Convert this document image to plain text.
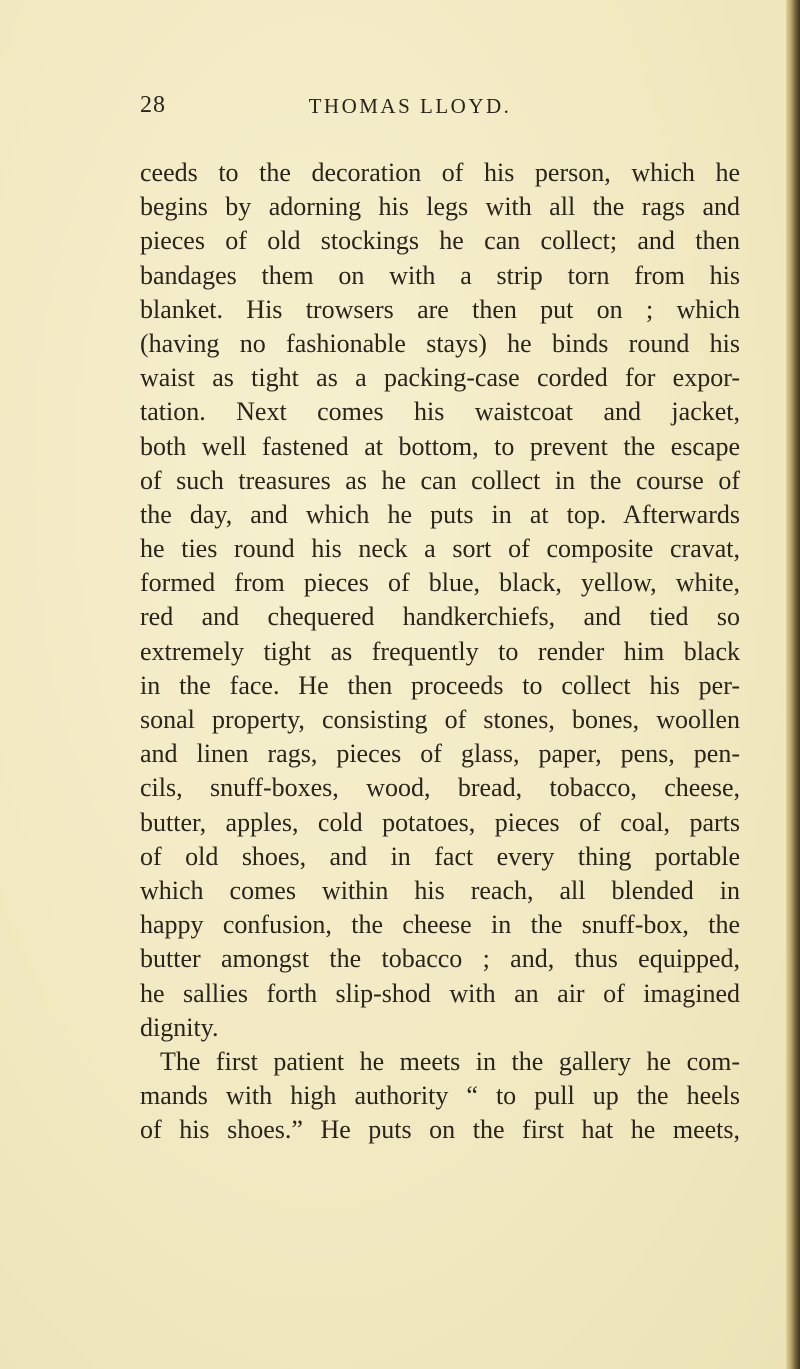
28	THOMAS LLOYD.
ceeds to the decoration of his person, which he
begins by adorning his legs with all the rags and
pieces of old stockings he can collect; and then
bandages them on with a strip torn from his
blanket. His trowsers are then put on ; which
(having no fashionable stays) he binds round his
waist as tight as a packing-case corded for expor-
tation. Next comes his waistcoat and jacket,
both well fastened at bottom, to prevent the escape
of such treasures as he can collect in the course of
the day, and which he puts in at top. Afterwards
he ties round his neck a sort of composite cravat,
formed from pieces of blue, black, yellow, white,
red and chequered handkerchiefs, and tied so
extremely tight as frequently to render him black
in the face. He then proceeds to collect his per-
sonal property, consisting of stones, bones, woollen
and linen rags, pieces of glass, paper, pens, pen-
cils, snuff-boxes, wood, bread, tobacco, cheese,
butter, apples, cold potatoes, pieces of coal, parts
of old shoes, and in fact every thing portable
which comes within his reach, all blended in
happy confusion, the cheese in the snuff-box, the
butter amongst the tobacco ; and, thus equipped,
he sallies forth slip-shod with an air of imagined
dignity.
The first patient he meets in the gallery he com-
mands with high authority “ to pull up the heels
of his shoes.” He puts on the first hat he meets,
